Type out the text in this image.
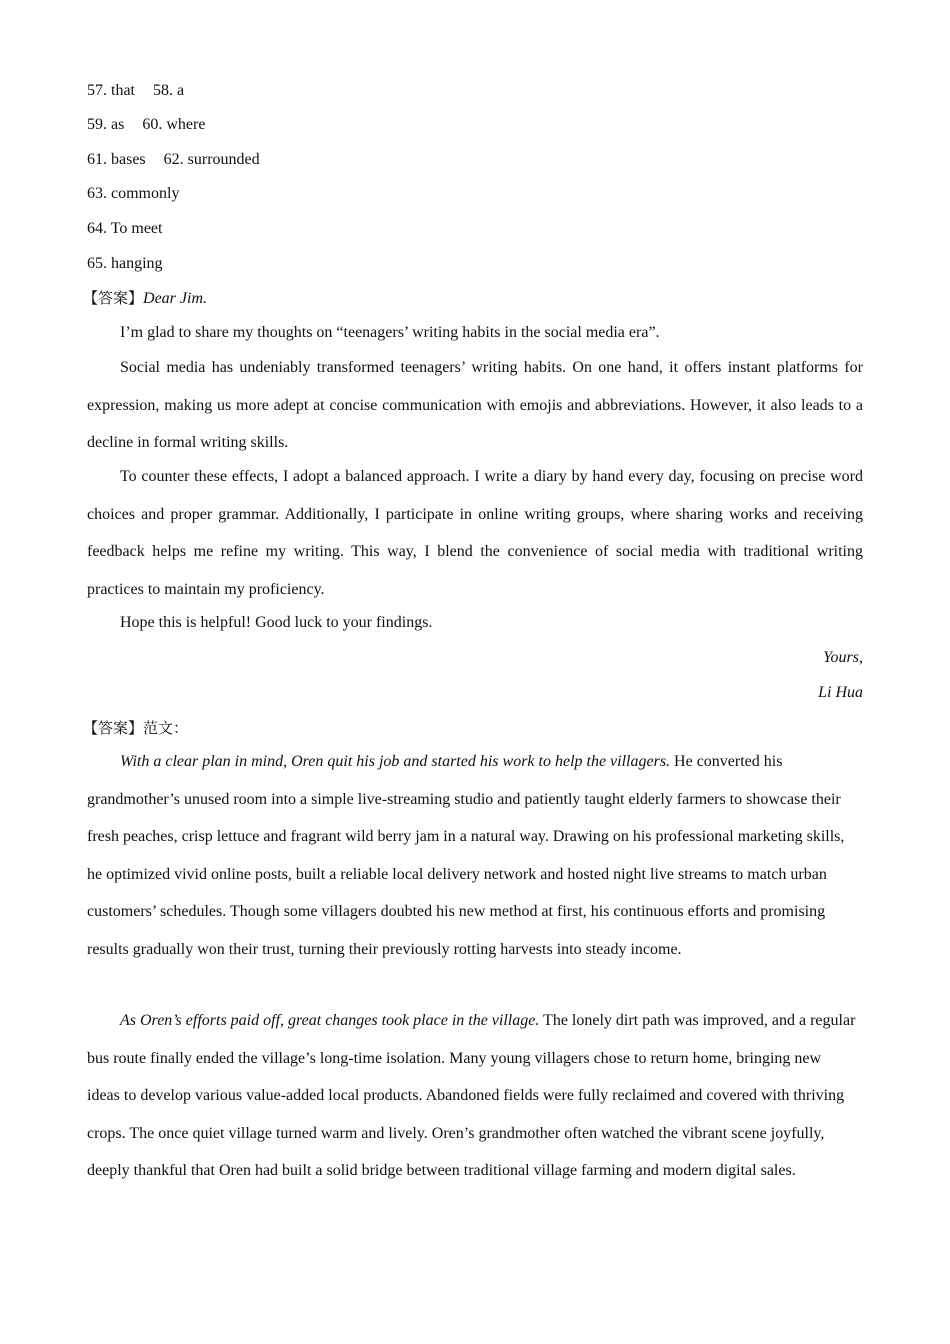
57. that 58. a
59. as 60. where
61. bases 62. surrounded
63. commonly
64. To meet
65. hanging
【答案】Dear Jim.
I’m glad to share my thoughts on “teenagers’ writing habits in the social media era”.
Social media has undeniably transformed teenagers’ writing habits. On one hand, it offers instant platforms for expression, making us more adept at concise communication with emojis and abbreviations. However, it also leads to a decline in formal writing skills.
To counter these effects, I adopt a balanced approach. I write a diary by hand every day, focusing on precise word choices and proper grammar. Additionally, I participate in online writing groups, where sharing works and receiving feedback helps me refine my writing. This way, I blend the convenience of social media with traditional writing practices to maintain my proficiency.
Hope this is helpful! Good luck to your findings.
Yours,
Li Hua
【答案】范文：
With a clear plan in mind, Oren quit his job and started his work to help the villagers. He converted his grandmother’s unused room into a simple live-streaming studio and patiently taught elderly farmers to showcase their fresh peaches, crisp lettuce and fragrant wild berry jam in a natural way. Drawing on his professional marketing skills, he optimized vivid online posts, built a reliable local delivery network and hosted night live streams to match urban customers’ schedules. Though some villagers doubted his new method at first, his continuous efforts and promising results gradually won their trust, turning their previously rotting harvests into steady income.
As Oren’s efforts paid off, great changes took place in the village. The lonely dirt path was improved, and a regular bus route finally ended the village’s long-time isolation. Many young villagers chose to return home, bringing new ideas to develop various value-added local products. Abandoned fields were fully reclaimed and covered with thriving crops. The once quiet village turned warm and lively. Oren’s grandmother often watched the vibrant scene joyfully, deeply thankful that Oren had built a solid bridge between traditional village farming and modern digital sales.
